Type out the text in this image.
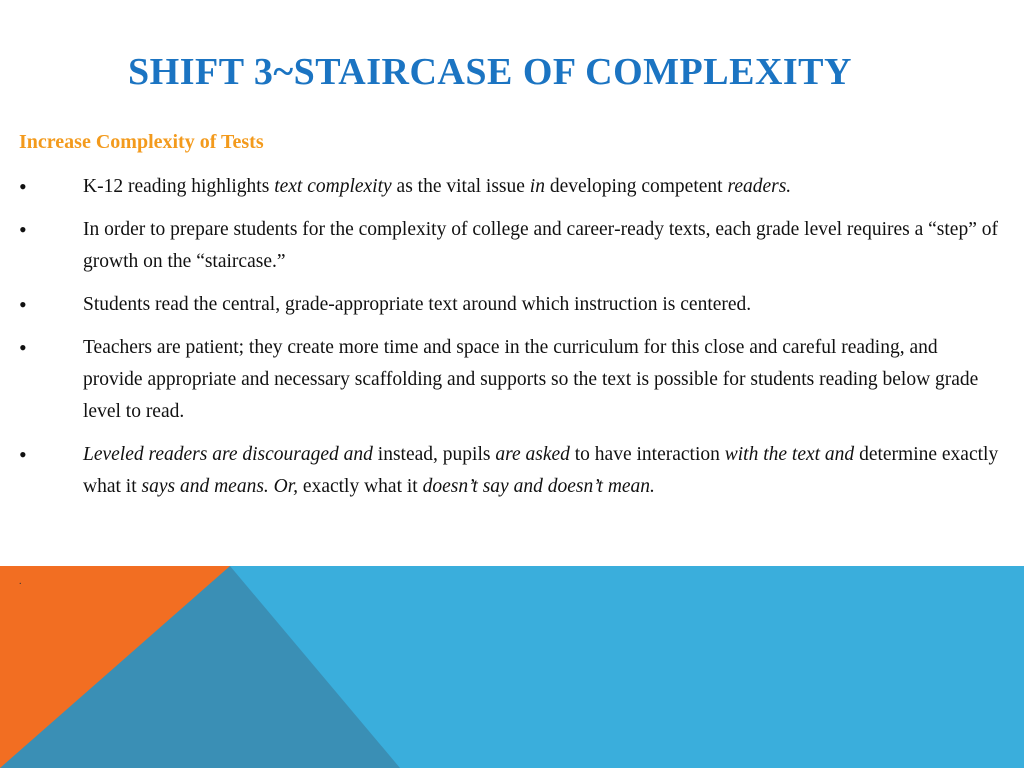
SHIFT 3~STAIRCASE OF COMPLEXITY
Increase Complexity of Tests
•	K‑12 reading highlights text complexity as the vital issue in developing competent readers.
•	In order to prepare students for the complexity of college and career‑ready texts, each grade level requires a “step” of growth on the “staircase.”
•	Students read the central, grade‑appropriate text around which instruction is centered.
•	Teachers are patient; they create more time and space in the curriculum for this close and careful reading, and provide appropriate and necessary scaffolding and supports so the text is possible for students reading below grade level to read.
•	Leveled readers are discouraged and instead, pupils are asked to have interaction with the text and determine exactly what it says and means. Or, exactly what it doesn’t say and doesn’t mean.
.
